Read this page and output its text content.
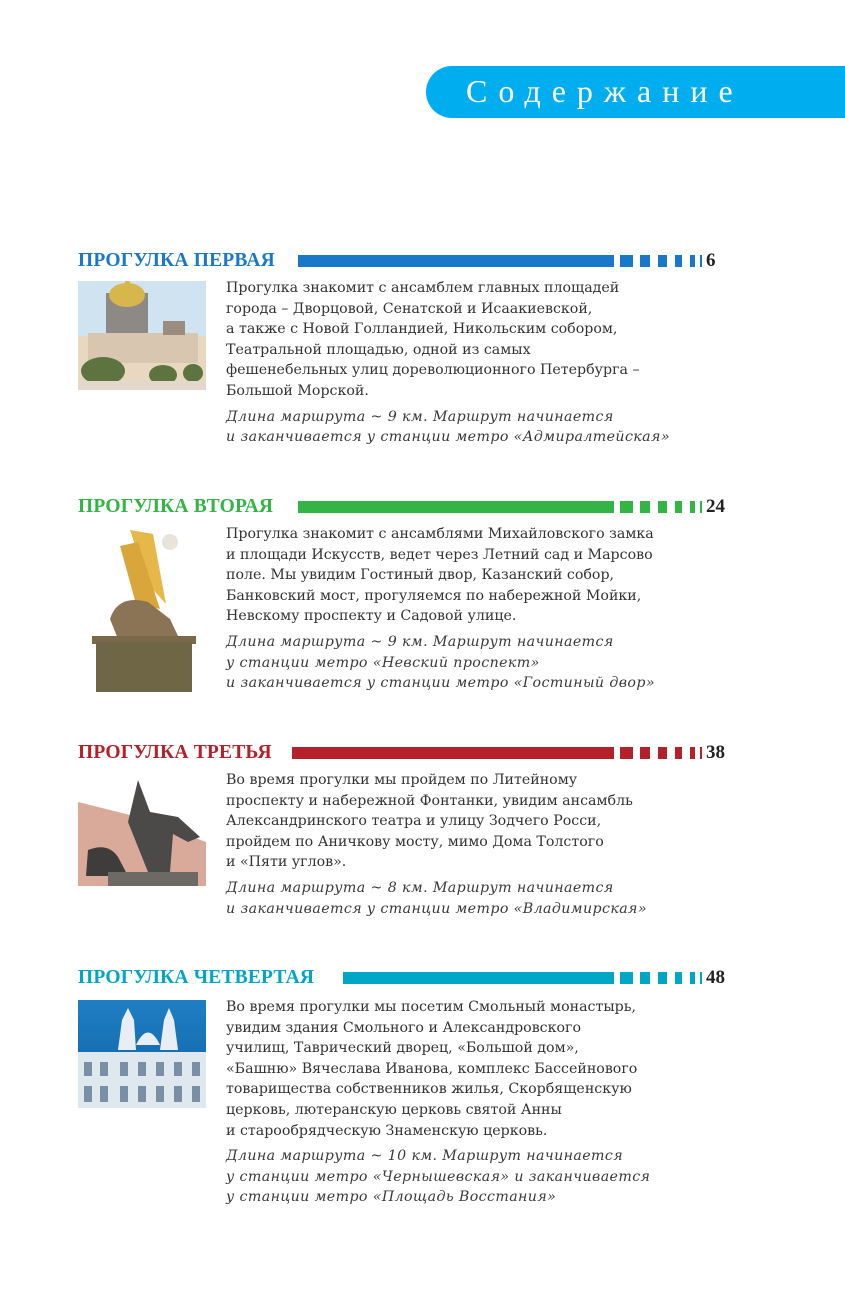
Содержание
ПРОГУЛКА ПЕРВАЯ	6

Прогулка знакомит с ансамблем главных площадей
города – Дворцовой, Сенатской и Исаакиевской,
а также с Новой Голландией, Никольским собором,
Театральной площадью, одной из самых
фешенебельных улиц дореволюционного Петербурга –
Большой Морской.

Длина маршрута ~ 9 км. Маршрут начинается
и заканчивается у станции метро «Адмиралтейская»

ПРОГУЛКА ВТОРАЯ	24

Прогулка знакомит с ансамблями Михайловского замка
и площади Искусств, ведет через Летний сад и Марсово
поле. Мы увидим Гостиный двор, Казанский собор,
Банковский мост, прогуляемся по набережной Мойки,
Невскому проспекту и Садовой улице.

Длина маршрута ~ 9 км. Маршрут начинается
у станции метро «Невский проспект»
и заканчивается у станции метро «Гостиный двор»

ПРОГУЛКА ТРЕТЬЯ	38

Во время прогулки мы пройдем по Литейному
проспекту и набережной Фонтанки, увидим ансамбль
Александринского театра и улицу Зодчего Росси,
пройдем по Аничкову мосту, мимо Дома Толстого
и «Пяти углов».

Длина маршрута ~ 8 км. Маршрут начинается
и заканчивается у станции метро «Владимирская»

ПРОГУЛКА ЧЕТВЕРТАЯ	48

Во время прогулки мы посетим Смольный монастырь,
увидим здания Смольного и Александровского
училищ, Таврический дворец, «Большой дом»,
«Башню» Вячеслава Иванова, комплекс Бассейнового
товарищества собственников жилья, Скорбященскую
церковь, лютеранскую церковь святой Анны
и старообрядческую Знаменскую церковь.

Длина маршрута ~ 10 км. Маршрут начинается
у станции метро «Чернышевская» и заканчивается
у станции метро «Площадь Восстания»
